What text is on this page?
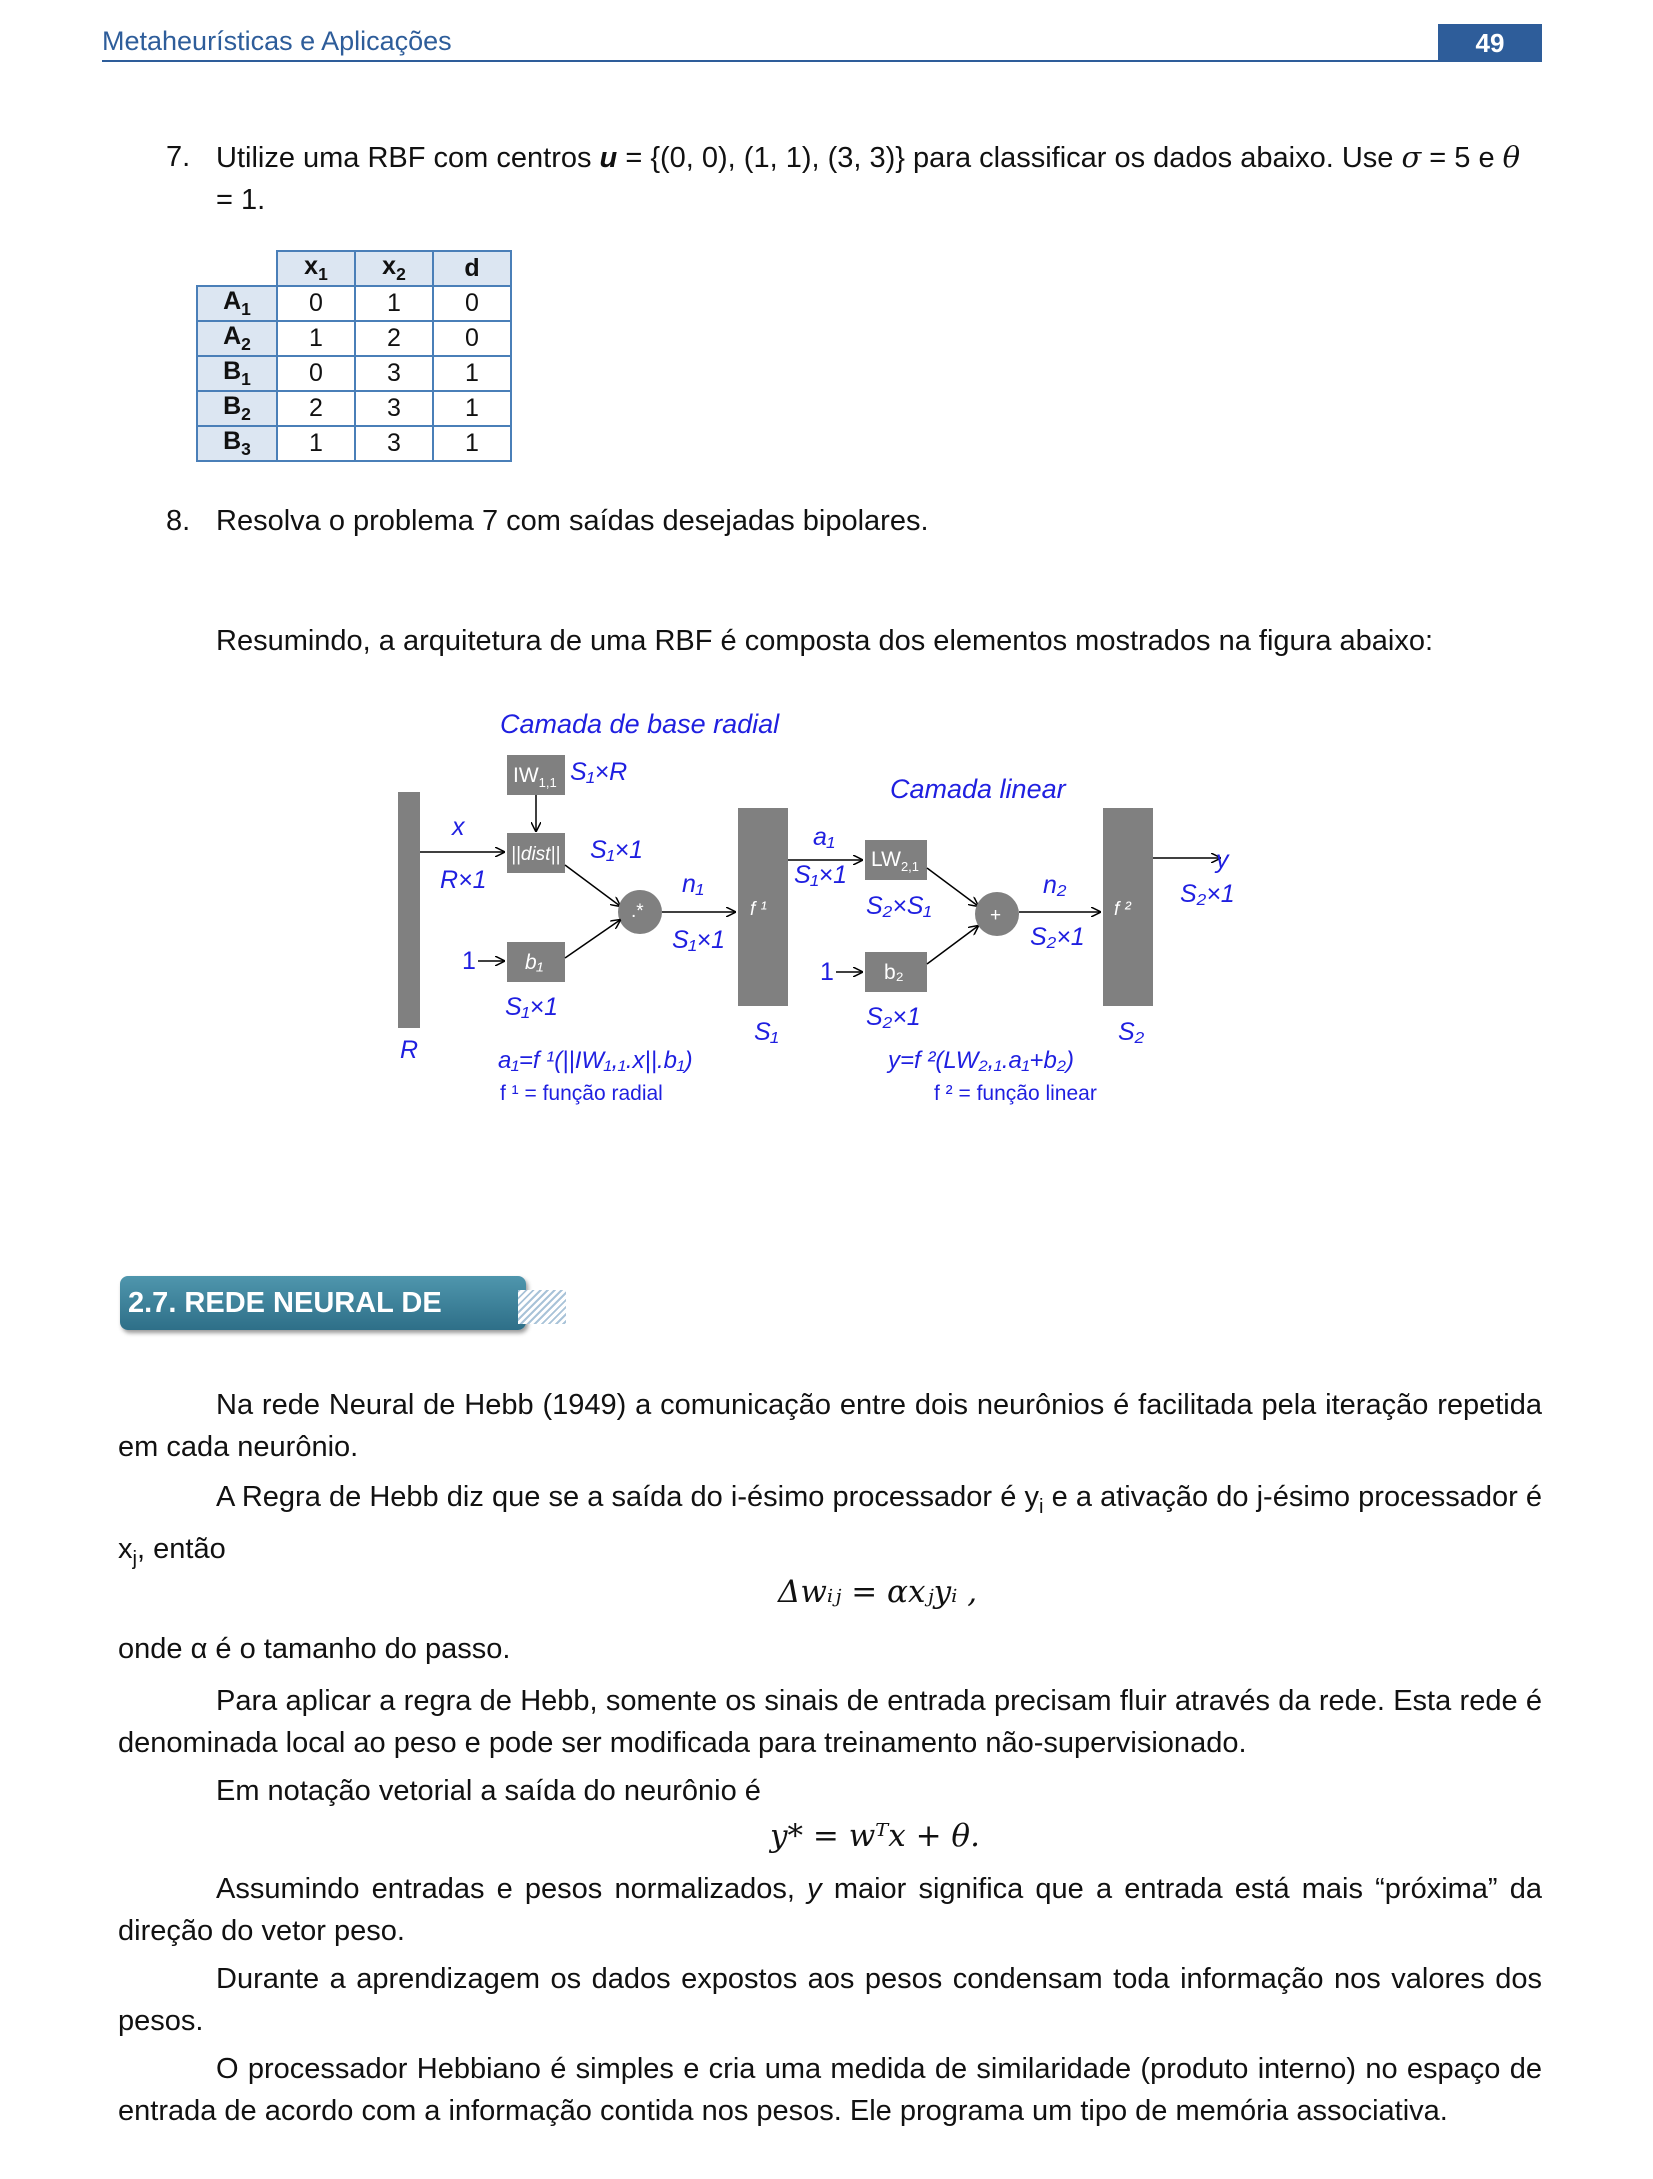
Metaheurísticas e Aplicações	49
7. Utilize uma RBF com centros u = {(0, 0), (1, 1), (3, 3)} para classificar os dados abaixo. Use σ = 5 e θ = 1.
	$x_1$	$x_2$	d
$A_1$	0	1	0
$A_2$	1	2	0
$B_1$	0	3	1
$B_2$	2	3	1
$B_3$	1	3	1
8. Resolva o problema 7 com saídas desejadas bipolares.
Resumindo, a arquitetura de uma RBF é composta dos elementos mostrados na figura abaixo:
R
Camada de base radial
Camada linear
$IW_{1,1}$ S₁×R
x
R×1
||dist|| S₁×1
.*
n₁
S₁×1
1 b₁
S₁×1
f ¹
S₁
a₁
S₁×1
$LW_{2,1}$
S₂×S₁
1 b₂
S₂×1
+
n₂
S₂×1
f ²
S₂
y
S₂×1
a₁=f ¹(||IW₁,₁.x||.b₁)
f ¹ = função radial
y=f ²(LW₂,₁.a₁+b₂)
f ² = função linear
2.7. REDE NEURAL DE HEBB
Na rede Neural de Hebb (1949) a comunicação entre dois neurônios é facilitada pela iteração repetida em cada neurônio.
A Regra de Hebb diz que se a saída do i-ésimo processador é $y_i$ e a ativação do j-ésimo processador é $x_j$, então
Δwᵢⱼ = αxⱼyᵢ ,
onde α é o tamanho do passo.
Para aplicar a regra de Hebb, somente os sinais de entrada precisam fluir através da rede. Esta rede é denominada local ao peso e pode ser modificada para treinamento não-supervisionado.
Em notação vetorial a saída do neurônio é
y* = wᵀx + θ.
Assumindo entradas e pesos normalizados, y maior significa que a entrada está mais “próxima” da direção do vetor peso.
Durante a aprendizagem os dados expostos aos pesos condensam toda informação nos valores dos pesos.
O processador Hebbiano é simples e cria uma medida de similaridade (produto interno) no espaço de entrada de acordo com a informação contida nos pesos. Ele programa um tipo de memória associativa.
